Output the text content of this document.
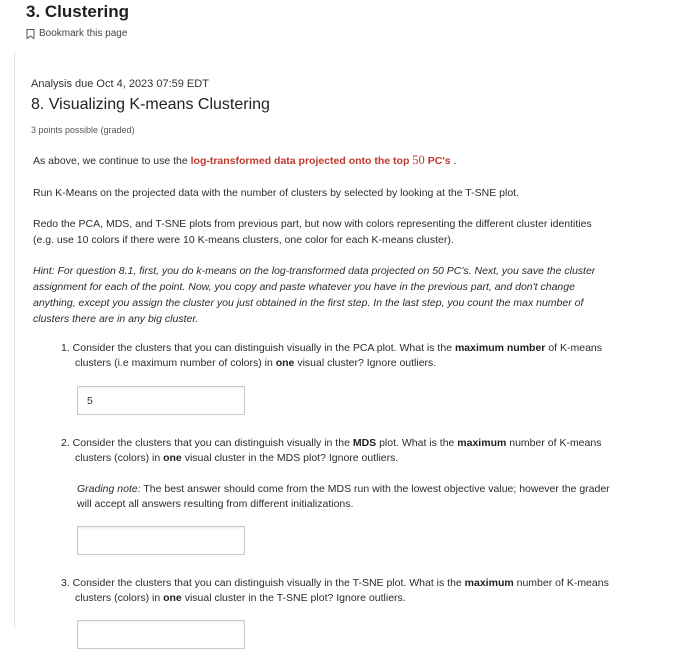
3. Clustering
Bookmark this page
Analysis due Oct 4, 2023 07:59 EDT
8. Visualizing K-means Clustering
3 points possible (graded)
As above, we continue to use the log-transformed data projected onto the top 50 PC's .
Run K-Means on the projected data with the number of clusters by selected by looking at the T-SNE plot.
Redo the PCA, MDS, and T-SNE plots from previous part, but now with colors representing the different cluster identities
(e.g. use 10 colors if there were 10 K-means clusters, one color for each K-means cluster).
Hint: For question 8.1, first, you do k-means on the log-transformed data projected on 50 PC's. Next, you save the cluster
assignment for each of the point. Now, you copy and paste whatever you have in the previous part, and don't change
anything, except you assign the cluster you just obtained in the first step. In the last step, you count the max number of
clusters there are in any big cluster.
1. Consider the clusters that you can distinguish visually in the PCA plot. What is the maximum number of K-means
clusters (i.e maximum number of colors) in one visual cluster? Ignore outliers.
5
2. Consider the clusters that you can distinguish visually in the MDS plot. What is the maximum number of K-means
clusters (colors) in one visual cluster in the MDS plot? Ignore outliers.
Grading note: The best answer should come from the MDS run with the lowest objective value; however the grader
will accept all answers resulting from different initializations.
3. Consider the clusters that you can distinguish visually in the T-SNE plot. What is the maximum number of K-means
clusters (colors) in one visual cluster in the T-SNE plot? Ignore outliers.
